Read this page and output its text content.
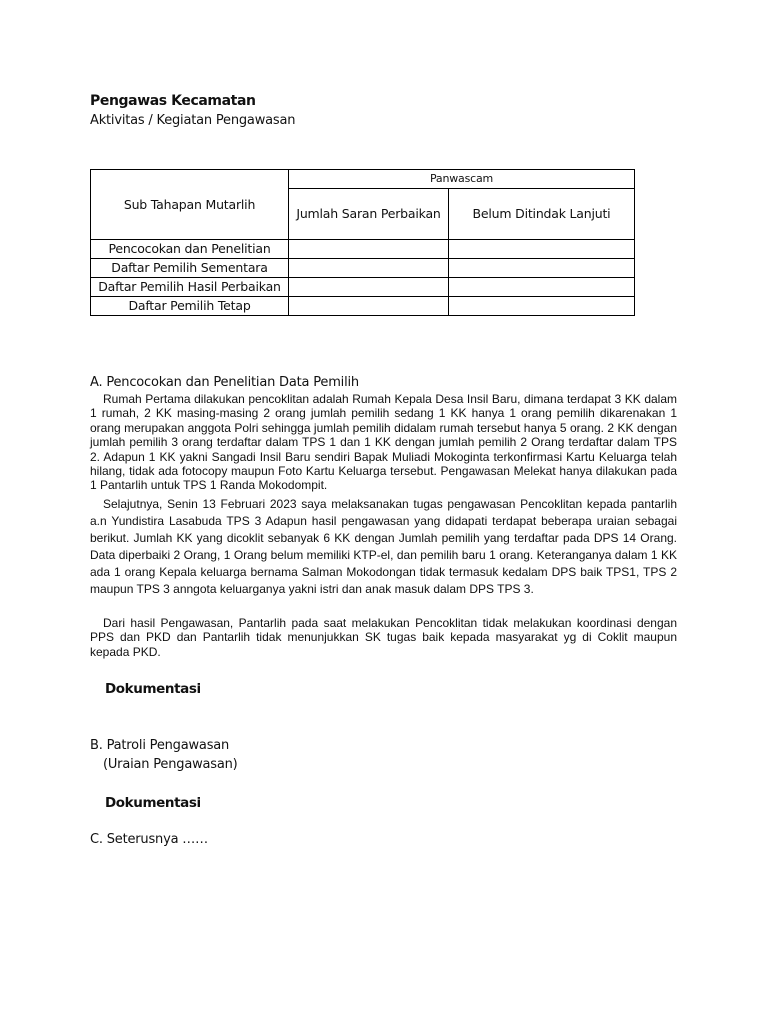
Pengawas Kecamatan
Aktivitas / Kegiatan Pengawasan
Sub Tahapan Mutarlih	Panwascam	
	Jumlah Saran Perbaikan	Belum Ditindak Lanjuti
Pencocokan dan Penelitian		
Daftar Pemilih Sementara		
Daftar Pemilih Hasil Perbaikan		
Daftar Pemilih Tetap		
A. Pencocokan dan Penelitian Data Pemilih

Rumah Pertama dilakukan pencoklitan adalah Rumah Kepala Desa Insil Baru, dimana terdapat 3 KK dalam 1 rumah, 2 KK masing-masing 2 orang jumlah pemilih sedang 1 KK hanya 1 orang pemilih dikarenakan 1 orang merupakan anggota Polri sehingga jumlah pemilih didalam rumah tersebut hanya 5 orang. 2 KK dengan jumlah pemilih 3 orang terdaftar dalam TPS 1 dan 1 KK dengan jumlah pemilih 2 Orang terdaftar dalam TPS 2. Adapun 1 KK yakni Sangadi Insil Baru sendiri Bapak Muliadi Mokoginta terkonfirmasi Kartu Keluarga telah hilang, tidak ada fotocopy maupun Foto Kartu Keluarga tersebut. Pengawasan Melekat hanya dilakukan pada 1 Pantarlih untuk TPS 1 Randa Mokodompit.

Selajutnya, Senin 13 Februari 2023 saya melaksanakan tugas pengawasan Pencoklitan kepada pantarlih a.n Yundistira Lasabuda TPS 3 Adapun hasil pengawasan yang didapati terdapat beberapa uraian sebagai berikut. Jumlah KK yang dicoklit sebanyak 6 KK dengan Jumlah pemilih yang terdaftar pada DPS 14 Orang. Data diperbaiki 2 Orang, 1 Orang belum memiliki KTP-el, dan pemilih baru 1 orang. Keteranganya dalam 1 KK ada 1 orang Kepala keluarga bernama Salman Mokodongan tidak termasuk kedalam DPS baik TPS1, TPS 2 maupun TPS 3 anngota keluarganya yakni istri dan anak masuk dalam DPS TPS 3.

Dari hasil Pengawasan, Pantarlih pada saat melakukan Pencoklitan tidak melakukan koordinasi dengan PPS dan PKD dan Pantarlih tidak menunjukkan SK tugas baik kepada masyarakat yg di Coklit maupun kepada PKD.

Dokumentasi
B. Patroli Pengawasan
(Uraian Pengawasan)
Dokumentasi
C. Seterusnya ……
